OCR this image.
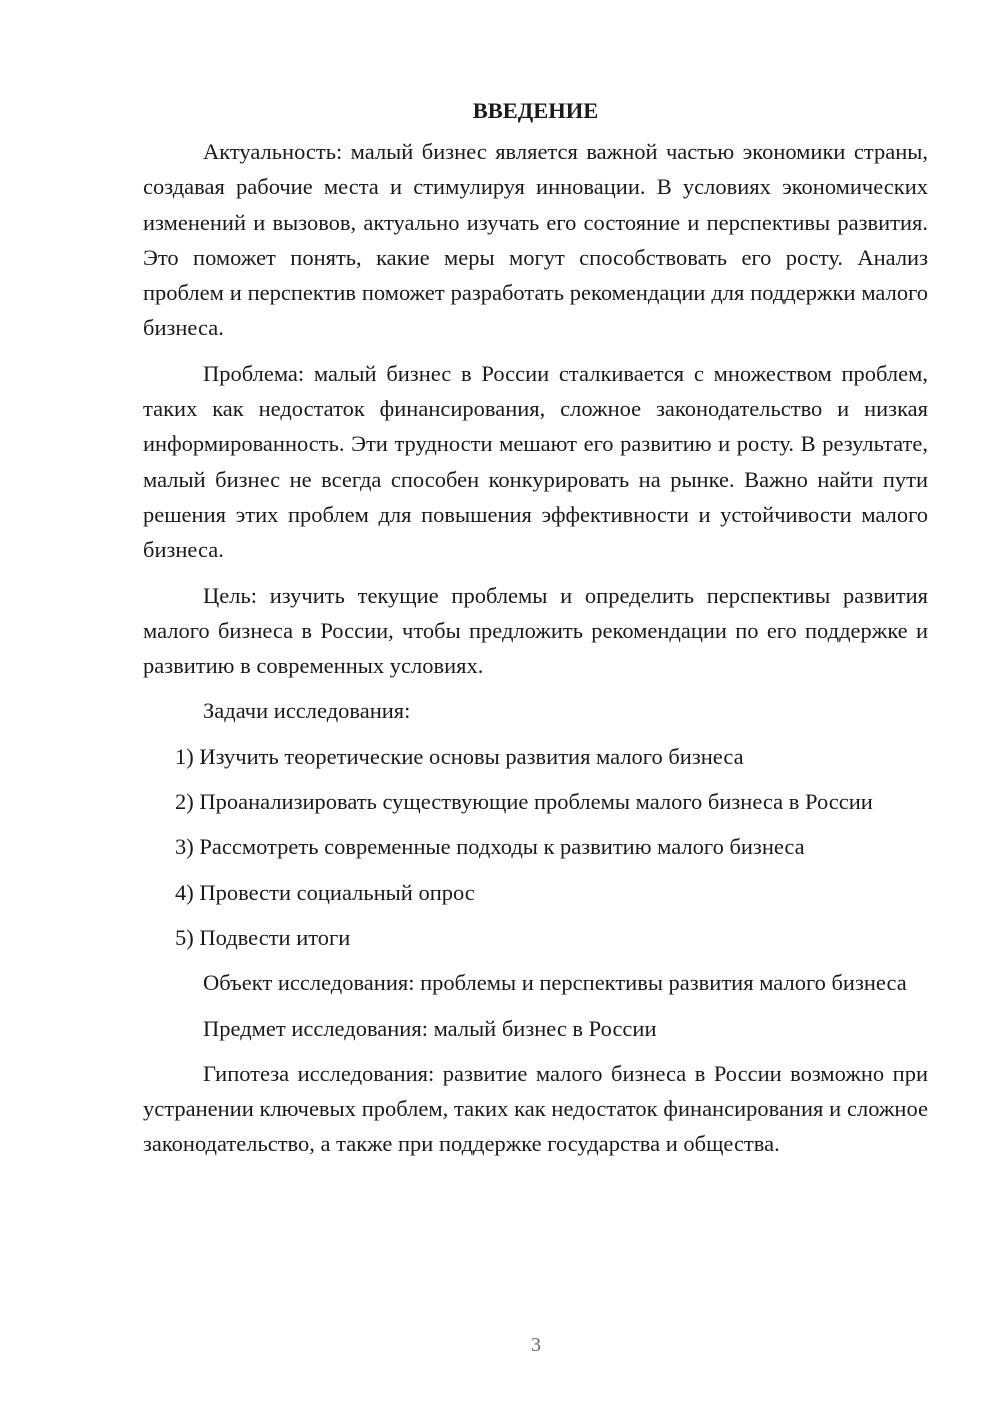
ВВЕДЕНИЕ

Актуальность: малый бизнес является важной частью экономики страны, создавая рабочие места и стимулируя инновации. В условиях экономических изменений и вызовов, актуально изучать его состояние и перспективы развития. Это поможет понять, какие меры могут способствовать его росту. Анализ проблем и перспектив поможет разработать рекомендации для поддержки малого бизнеса.

Проблема: малый бизнес в России сталкивается с множеством проблем, таких как недостаток финансирования, сложное законодательство и низкая информированность. Эти трудности мешают его развитию и росту. В результате, малый бизнес не всегда способен конкурировать на рынке. Важно найти пути решения этих проблем для повышения эффективности и устойчивости малого бизнеса.

Цель: изучить текущие проблемы и определить перспективы развития малого бизнеса в России, чтобы предложить рекомендации по его поддержке и развитию в современных условиях.

Задачи исследования:

1) Изучить теоретические основы развития малого бизнеса

2) Проанализировать существующие проблемы малого бизнеса в России

3) Рассмотреть современные подходы к развитию малого бизнеса

4) Провести социальный опрос

5) Подвести итоги

Объект исследования: проблемы и перспективы развития малого бизнеса

Предмет исследования: малый бизнес в России

Гипотеза исследования: развитие малого бизнеса в России возможно при устранении ключевых проблем, таких как недостаток финансирования и сложное законодательство, а также при поддержке государства и общества.

3
